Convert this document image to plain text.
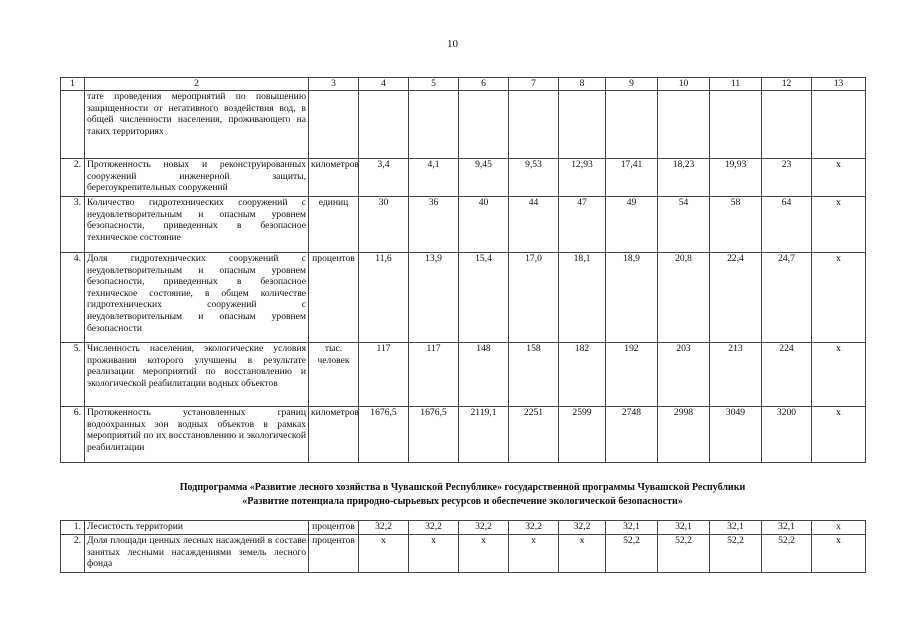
10
1	2	3	4	5	6	7	8	9	10	11	12	13
	тате проведения мероприятий по повышению защищенности от негативного воздействия вод, в общей численности населения, проживающего на таких территориях											
2.	Протяженность новых и реконструированных сооружений инженерной защиты, берегоукрепительных сооружений	километров	3,4	4,1	9,45	9,53	12,93	17,41	18,23	19,93	23	x
3.	Количество гидротехнических сооружений с неудовлетворительным и опасным уровнем безопасности, приведенных в безопасное техническое состояние	единиц	30	36	40	44	47	49	54	58	64	x
4.	Доля гидротехнических сооружений с неудовлетворительным и опасным уровнем безопасности, приведенных в безопасное техническое состояние, в общем количестве гидротехнических сооружений с неудовлетворительным и опасным уровнем безопасности	процентов	11,6	13,9	15,4	17,0	18,1	18,9	20,8	22,4	24,7	x
5.	Численность населения, экологические условия проживания которого улучшены в результате реализации мероприятий по восстановлению и экологической реабилитации водных объектов	тыс. человек	117	117	148	158	182	192	203	213	224	x
6.	Протяженность установленных границ водоохранных зон водных объектов в рамках мероприятий по их восстановлению и экологической реабилитации	километров	1676,5	1676,5	2119,1	2251	2599	2748	2998	3049	3200	x
Подпрограмма «Развитие лесного хозяйства в Чувашской Республике» государственной программы Чувашской Республики
«Развитие потенциала природно-сырьевых ресурсов и обеспечение экологической безопасности»
1.	Лесистость территории	процентов	32,2	32,2	32,2	32,2	32,2	32,1	32,1	32,1	32,1	x
2.	Доля площади ценных лесных насаждений в составе занятых лесными насаждениями земель лесного фонда	процентов	x	x	x	x	x	52,2	52,2	52,2	52,2	x
